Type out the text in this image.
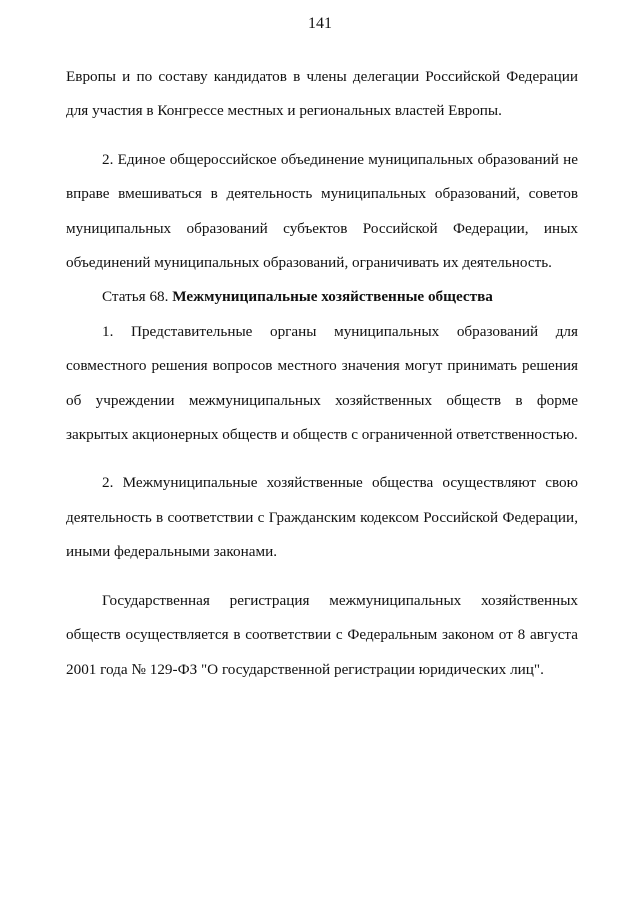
141

Европы и по составу кандидатов в члены делегации Российской Федерации для участия в Конгрессе местных и региональных властей Европы.

2. Единое общероссийское объединение муниципальных образований не вправе вмешиваться в деятельность муниципальных образований, советов муниципальных образований субъектов Российской Федерации, иных объединений муниципальных образований, ограничивать их деятельность.

Статья 68. Межмуниципальные хозяйственные общества

1. Представительные органы муниципальных образований для совместного решения вопросов местного значения могут принимать решения об учреждении межмуниципальных хозяйственных обществ в форме закрытых акционерных обществ и обществ с ограниченной ответственностью.

2. Межмуниципальные хозяйственные общества осуществляют свою деятельность в соответствии с Гражданским кодексом Российской Федерации, иными федеральными законами.

Государственная регистрация межмуниципальных хозяйственных обществ осуществляется в соответствии с Федеральным законом от 8 августа 2001 года № 129-ФЗ "О государственной регистрации юридических лиц".
